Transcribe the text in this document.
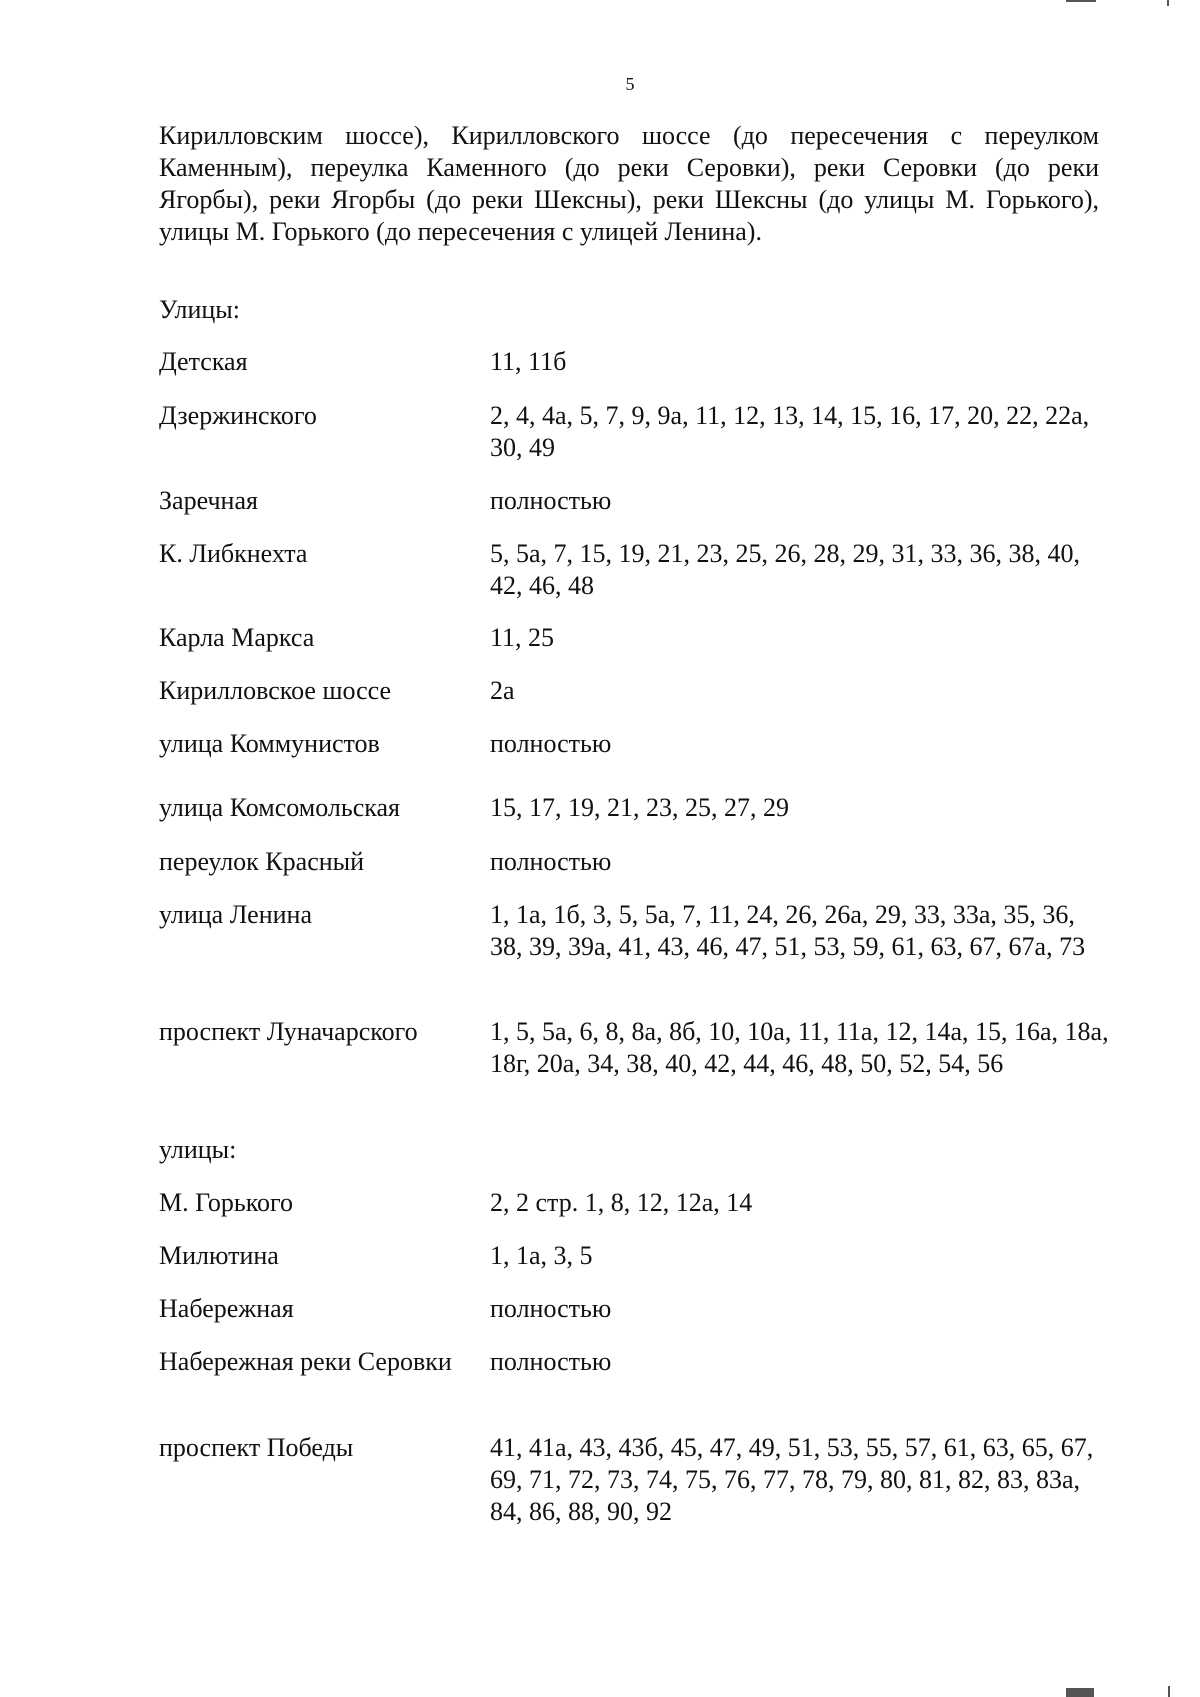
5

Кирилловским шоссе), Кирилловского шоссе (до пересечения с переулком Каменным), переулка Каменного (до реки Серовки), реки Серовки (до реки Ягорбы), реки Ягорбы (до реки Шексны), реки Шексны (до улицы М. Горького), улицы М. Горького (до пересечения с улицей Ленина).

Улицы:

Детская	11, 11б
Дзержинского	2, 4, 4а, 5, 7, 9, 9а, 11, 12, 13, 14, 15, 16, 17, 20, 22, 22а, 30, 49
Заречная	полностью
К. Либкнехта	5, 5а, 7, 15, 19, 21, 23, 25, 26, 28, 29, 31, 33, 36, 38, 40, 42, 46, 48
Карла Маркса	11, 25
Кирилловское шоссе	2а
улица Коммунистов	полностью
улица Комсомольская	15, 17, 19, 21, 23, 25, 27, 29
переулок Красный	полностью
улица Ленина	1, 1а, 1б, 3, 5, 5а, 7, 11, 24, 26, 26а, 29, 33, 33а, 35, 36, 38, 39, 39а, 41, 43, 46, 47, 51, 53, 59, 61, 63, 67, 67а, 73
проспект Луначарского	1, 5, 5а, 6, 8, 8а, 8б, 10, 10а, 11, 11а, 12, 14а, 15, 16а, 18а, 18г, 20а, 34, 38, 40, 42, 44, 46, 48, 50, 52, 54, 56

улицы:

М. Горького	2, 2 стр. 1, 8, 12, 12а, 14
Милютина	1, 1а, 3, 5
Набережная	полностью
Набережная реки Серовки	полностью
проспект Победы	41, 41а, 43, 43б, 45, 47, 49, 51, 53, 55, 57, 61, 63, 65, 67, 69, 71, 72, 73, 74, 75, 76, 77, 78, 79, 80, 81, 82, 83, 83а, 84, 86, 88, 90, 92
